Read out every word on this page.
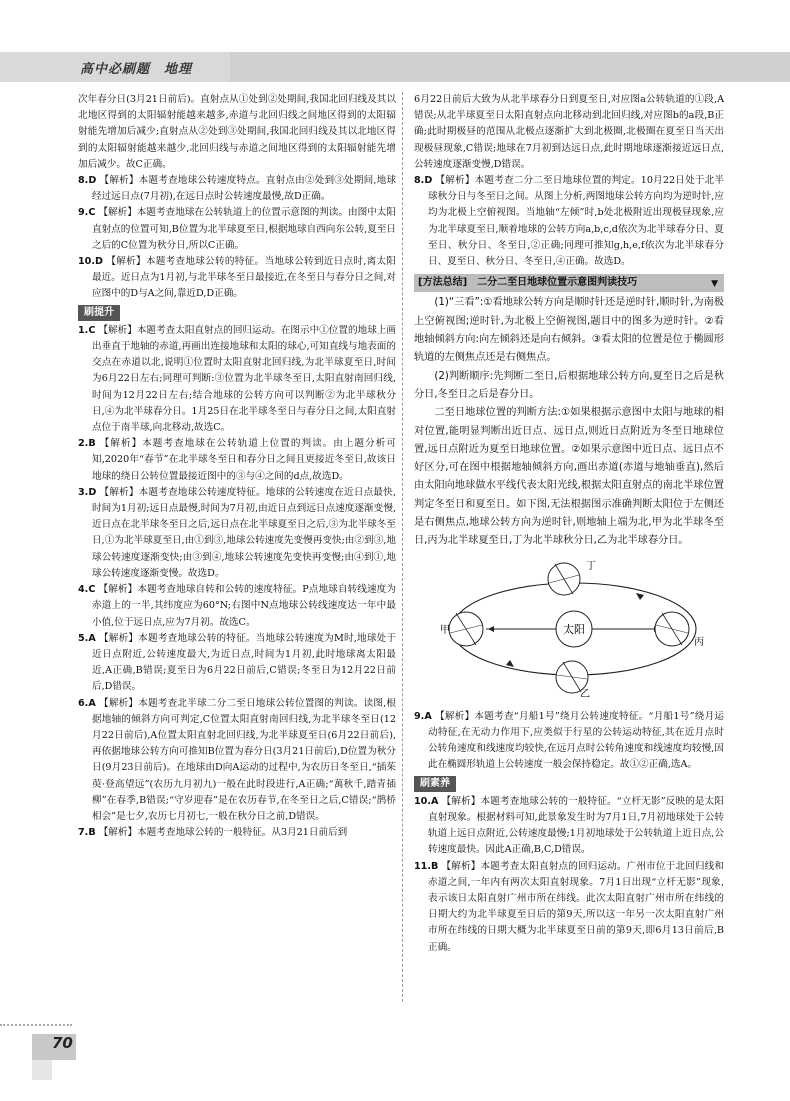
高中必刷题　地理

次年春分日(3月21日前后)。直射点从①处到②处期间,我国北回归线及其以北地区得到的太阳辐射能越来越多,赤道与北回归线之间地区得到的太阳辐射能先增加后减少;直射点从②处到③处期间,我国北回归线及其以北地区得到的太阳辐射能越来越少,北回归线与赤道之间地区得到的太阳辐射能先增加后减少。故C正确。

8.D 【解析】本题考查地球公转速度特点。直射点由②处到③处期间,地球经过远日点(7月初),在远日点时公转速度最慢,故D正确。

9.C 【解析】本题考查地球在公转轨道上的位置示意图的判读。由图中太阳直射点的位置可知,B位置为北半球夏至日,根据地球自西向东公转,夏至日之后的C位置为秋分日,所以C正确。

10.D 【解析】本题考查地球公转的特征。当地球公转到近日点时,离太阳最近。近日点为1月初,与北半球冬至日最接近,在冬至日与春分日之间,对应图中的D与A之间,靠近D,D正确。

刷提升

1.C 【解析】本题考查太阳直射点的回归运动。在图示中①位置的地球上画出垂直于地轴的赤道,再画出连接地球和太阳的球心,可知直线与地表面的交点在赤道以北,说明①位置时太阳直射北回归线,为北半球夏至日,时间为6月22日左右;同理可判断:③位置为北半球冬至日,太阳直射南回归线,时间为12月22日左右;结合地球的公转方向可以判断②为北半球秋分日,④为北半球春分日。1月25日在北半球冬至日与春分日之间,太阳直射点位于南半球,向北移动,故选C。

2.B 【解析】本题考查地球在公转轨道上位置的判读。由上题分析可知,2020年“春节”在北半球冬至日和春分日之间且更接近冬至日,故该日地球的绕日公转位置最接近图中的③与④之间的d点,故选D。

3.D 【解析】本题考查地球公转速度特征。地球的公转速度在近日点最快,时间为1月初;远日点最慢,时间为7月初,由近日点到远日点速度逐渐变慢,近日点在北半球冬至日之后,远日点在北半球夏至日之后,③为北半球冬至日,①为北半球夏至日,由①到③,地球公转速度先变慢再变快;由②到③,地球公转速度逐渐变快;由③到④,地球公转速度先变快再变慢;由④到①,地球公转速度逐渐变慢。故选D。

4.C 【解析】本题考查地球自转和公转的速度特征。P点地球自转线速度为赤道上的一半,其纬度应为60°N;右图中N点地球公转线速度达一年中最小值,位于远日点,应为7月初。故选C。

5.A 【解析】本题考查地球公转的特征。当地球公转速度为M时,地球处于近日点附近,公转速度最大,为近日点,时间为1月初,此时地球离太阳最近,A正确,B错误;夏至日为6月22日前后,C错误;冬至日为12月22日前后,D错误。

6.A 【解析】本题考查北半球二分二至日地球公转位置图的判读。读图,根据地轴的倾斜方向可判定,C位置太阳直射南回归线,为北半球冬至日(12月22日前后),A位置太阳直射北回归线,为北半球夏至日(6月22日前后),再依据地球公转方向可推知B位置为春分日(3月21日前后),D位置为秋分日(9月23日前后)。在地球由D向A运动的过程中,为农历日冬至日,“插茱萸·登高望远”(农历九月初九)一般在此时段进行,A正确;“萬秋千,踏青插柳”在春季,B错误;“守岁迎春”是在农历春节,在冬至日之后,C错误;“鹊桥相会”是七夕,农历七月初七,一般在秋分日之前,D错误。

7.B 【解析】本题考查地球公转的一般特征。从3月21日前后到

6月22日前后大致为从北半球春分日到夏至日,对应图a公转轨道的①段,A错误;从北半球夏至日太阳直射点向北移动到北回归线,对应图b的a段,B正确;此时期极昼的范围从北极点逐渐扩大到北极圈,北极圈在夏至日当天出现极昼现象,C错误;地球在7月初到达远日点,此时期地球逐渐接近远日点,公转速度逐渐变慢,D错误。

8.D 【解析】本题考查二分二至日地球位置的判定。10月22日处于北半球秋分日与冬至日之间。从图上分析,两图地球公转方向均为逆时针,应均为北极上空俯视图。当地轴“左倾”时,b处北极附近出现极昼现象,应为北半球夏至日,顺着地球的公转方向a,b,c,d依次为北半球春分日、夏至日、秋分日、冬至日,②正确;同理可推知g,h,e,f依次为北半球春分日、夏至日、秋分日、冬至日,④正确。故选D。

[方法总结]　二分二至日地球位置示意图判读技巧	▼

(1)“三看”:①看地球公转方向是顺时针还是逆时针,顺时针,为南极上空俯视图;逆时针,为北极上空俯视图,题目中的图多为逆时针。②看地轴倾斜方向:向左倾斜还是向右倾斜。③看太阳的位置是位于椭圆形轨道的左侧焦点还是右侧焦点。

(2)判断顺序:先判断二至日,后根据地球公转方向,夏至日之后是秋分日,冬至日之后是春分日。

二至日地球位置的判断方法:①如果根据示意图中太阳与地球的相对位置,能明显判断出近日点、远日点,则近日点附近为冬至日地球位置,远日点附近为夏至日地球位置。②如果示意图中近日点、远日点不好区分,可在图中根据地轴倾斜方向,画出赤道(赤道与地轴垂直),然后由太阳向地球做水平线代表太阳光线,根据太阳直射点的南北半球位置判定冬至日和夏至日。如下图,无法根据图示准确判断太阳位于左侧还是右侧焦点,地球公转方向为逆时针,则地轴上端为北,甲为北半球冬至日,丙为北半球夏至日,丁为北半球秋分日,乙为北半球春分日。

太阳
甲
丙
丁
乙

9.A 【解析】本题考查“月船1号”绕月公转速度特征。“月船1号”绕月运动特征,在无动力作用下,应类似于行星的公转运动特征,其在近月点时公转角速度和线速度均较快,在远月点时公转角速度和线速度均较慢,因此在椭圆形轨道上公转速度一般会保持稳定。故①②正确,选A。

刷素养

10.A 【解析】本题考查地球公转的一般特征。“立杆无影”反映的是太阳直射现象。根据材料可知,此景象发生时为7月1日,7月初地球处于公转轨道上远日点附近,公转速度最慢;1月初地球处于公转轨道上近日点,公转速度最快。因此A正确,B,C,D错误。

11.B 【解析】本题考查太阳直射点的回归运动。广州市位于北回归线和赤道之间,一年内有两次太阳直射现象。7月1日出现“立杆无影”现象,表示该日太阳直射广州市所在纬线。此次太阳直射广州市所在纬线的日期大约为北半球夏至日后的第9天,所以这一年另一次太阳直射广州市所在纬线的日期大概为北半球夏至日前的第9天,即6月13日前后,B正确。

70
